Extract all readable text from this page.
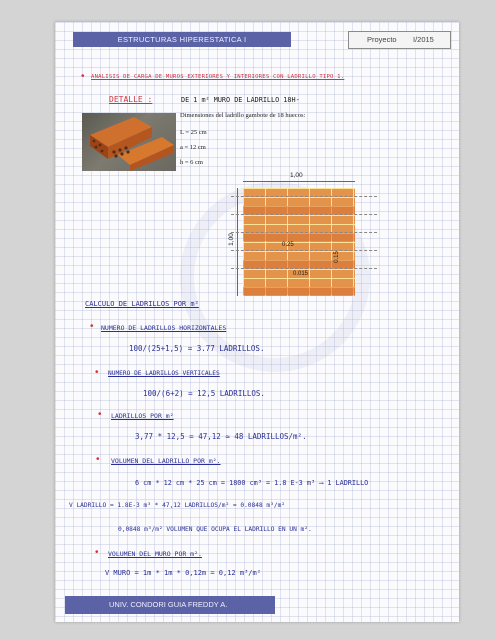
ESTRUCTURAS HIPERESTATICA I	Proyecto I/2015
• ANALISIS DE CARGA DE MUROS EXTERIORES Y INTERIORES CON LADRILLO TIPO 1.
DETALLE :	DE 1 m² MURO DE LADRILLO 18H-
Dimensiones del ladrillo gambote de 18 huecos:
L = 25 cm
a = 12 cm
h = 6 cm
1,00
1,00	0.25
0.015
0.15
CALCULO DE LADRILLOS POR m²
• NUMERO DE LADRILLOS HORIZONTALES
100/(25+1,5) = 3.77 LADRILLOS.
• NUMERO DE LADRILLOS VERTICALES
100/(6+2) = 12,5 LADRILLOS.
• LADRILLOS POR m²
3,77 * 12,5 = 47,12 ≃ 48 LADRILLOS/m².
• VOLUMEN DEL LADRILLO POR m².
6 cm * 12 cm * 25 cm = 1800 cm³ = 1.8 E-3 m³ ⟶ 1 LADRILLO
V LADRILLO = 1.8E-3 m³ * 47,12 LADRILLOS/m² = 0.0848 m³/m²
0,0848 m³/m² VOLUMEN QUE OCUPA EL LADRILLO EN UN m².
• VOLUMEN DEL MURO POR m².
V MURO = 1m * 1m * 0,12m = 0,12 m³/m²
UNIV. CONDORI GUIA FREDDY A.
